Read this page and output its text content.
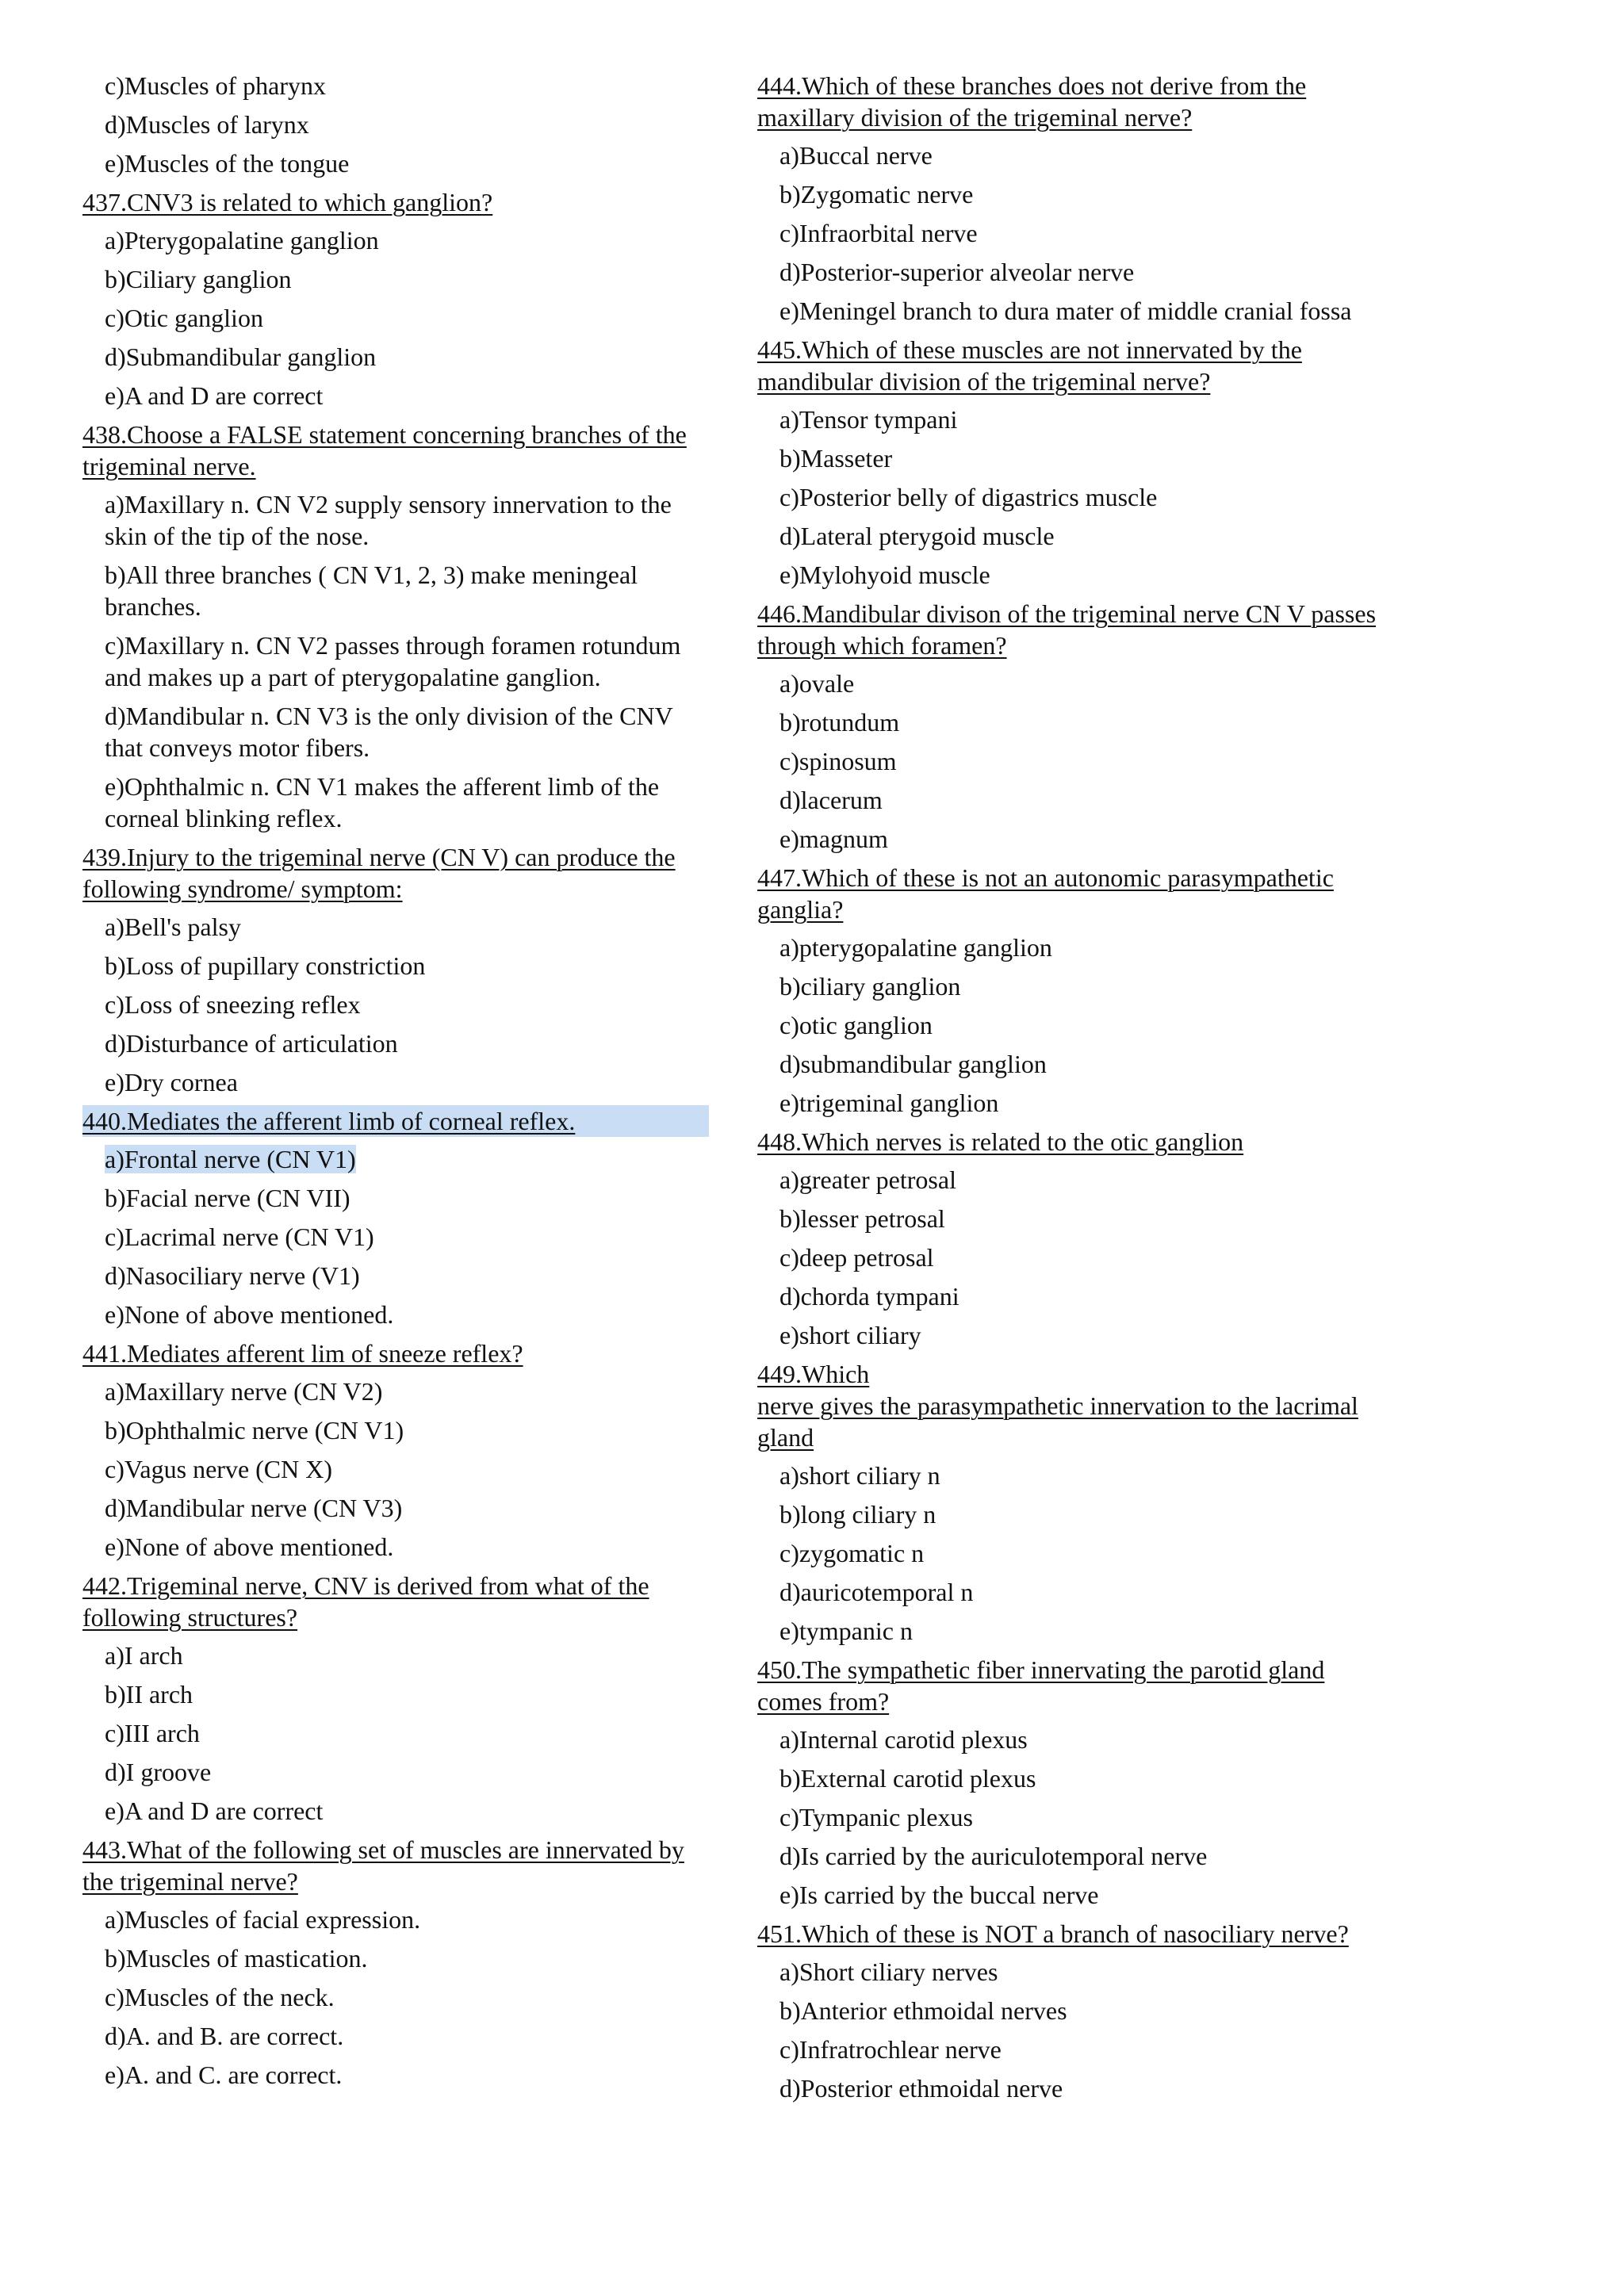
c)Muscles of pharynx

d)Muscles of larynx

e)Muscles of the tongue

437.CNV3 is related to which ganglion?

a)Pterygopalatine ganglion

b)Ciliary ganglion

c)Otic ganglion

d)Submandibular ganglion

e)A and D are correct

438.Choose a FALSE statement concerning branches of the trigeminal nerve.

a)Maxillary n. CN V2 supply sensory innervation to the skin of the tip of the nose.

b)All three branches ( CN V1, 2, 3) make meningeal branches.

c)Maxillary n. CN V2 passes through foramen rotundum and makes up a part of pterygopalatine ganglion.

d)Mandibular n. CN V3 is the only division of the CNV that conveys motor fibers.

e)Ophthalmic n. CN V1 makes the afferent limb of the corneal blinking reflex.

439.Injury to the trigeminal nerve (CN V) can produce the following syndrome/ symptom:

a)Bell's palsy

b)Loss of pupillary constriction

c)Loss of sneezing reflex

d)Disturbance of articulation

e)Dry cornea

440.Mediates the afferent limb of corneal reflex.

a)Frontal nerve (CN V1)

b)Facial nerve (CN VII)

c)Lacrimal nerve (CN V1)

d)Nasociliary nerve (V1)

e)None of above mentioned.

441.Mediates afferent lim of sneeze reflex?

a)Maxillary nerve (CN V2)

b)Ophthalmic nerve (CN V1)

c)Vagus nerve (CN X)

d)Mandibular nerve (CN V3)

e)None of above mentioned.

442.Trigeminal nerve, CNV is derived from what of the following structures?

a)I arch

b)II arch

c)III arch

d)I groove

e)A and D are correct

443.What of the following set of muscles are innervated by the trigeminal nerve?

a)Muscles of facial expression.

b)Muscles of mastication.

c)Muscles of the neck.

d)A. and B. are correct.

e)A. and C. are correct.

444.Which of these branches does not derive from the maxillary division of the trigeminal nerve?

a)Buccal nerve

b)Zygomatic nerve

c)Infraorbital nerve

d)Posterior-superior alveolar nerve

e)Meningel branch to dura mater of middle cranial fossa

445.Which of these muscles are not innervated by the mandibular division of the trigeminal nerve?

a)Tensor tympani

b)Masseter

c)Posterior belly of digastrics muscle

d)Lateral pterygoid muscle

e)Mylohyoid muscle

446.Mandibular divison of the trigeminal nerve CN V passes through which foramen?

a)ovale

b)rotundum

c)spinosum

d)lacerum

e)magnum

447.Which of these is not an autonomic parasympathetic ganglia?

a)pterygopalatine ganglion

b)ciliary ganglion

c)otic ganglion

d)submandibular ganglion

e)trigeminal ganglion

448.Which nerves is related to the otic ganglion

a)greater petrosal

b)lesser petrosal

c)deep petrosal

d)chorda tympani

e)short ciliary

449.Which

nerve gives the parasympathetic innervation to the lacrimal gland

a)short ciliary n

b)long ciliary n

c)zygomatic n

d)auricotemporal n

e)tympanic n

450.The sympathetic fiber innervating the parotid gland comes from?

a)Internal carotid plexus

b)External carotid plexus

c)Tympanic plexus

d)Is carried by the auriculotemporal nerve

e)Is carried by the buccal nerve

451.Which of these is NOT a branch of nasociliary nerve?

a)Short ciliary nerves

b)Anterior ethmoidal nerves

c)Infratrochlear nerve

d)Posterior ethmoidal nerve
